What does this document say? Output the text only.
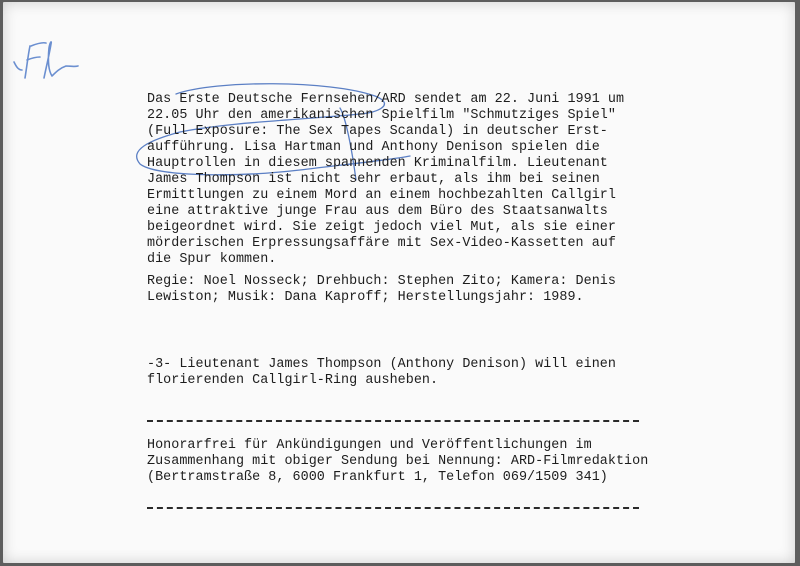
Das Erste Deutsche Fernsehen/ARD sendet am 22. Juni 1991 um
22.05 Uhr den amerikanischen Spielfilm "Schmutziges Spiel"
(Full Exposure: The Sex Tapes Scandal) in deutscher Erst-
aufführung. Lisa Hartman und Anthony Denison spielen die
Hauptrollen in diesem spannenden Kriminalfilm. Lieutenant
James Thompson ist nicht sehr erbaut, als ihm bei seinen
Ermittlungen zu einem Mord an einem hochbezahlten Callgirl
eine attraktive junge Frau aus dem Büro des Staatsanwalts
beigeordnet wird. Sie zeigt jedoch viel Mut, als sie einer
mörderischen Erpressungsaffäre mit Sex-Video-Kassetten auf
die Spur kommen.
Regie: Noel Nosseck; Drehbuch: Stephen Zito; Kamera: Denis
Lewiston; Musik: Dana Kaproff; Herstellungsjahr: 1989.
-3- Lieutenant James Thompson (Anthony Denison) will einen
florierenden Callgirl-Ring ausheben.
Honorarfrei für Ankündigungen und Veröffentlichungen im
Zusammenhang mit obiger Sendung bei Nennung: ARD-Filmredaktion
(Bertramstraße 8, 6000 Frankfurt 1, Telefon 069/1509 341)
